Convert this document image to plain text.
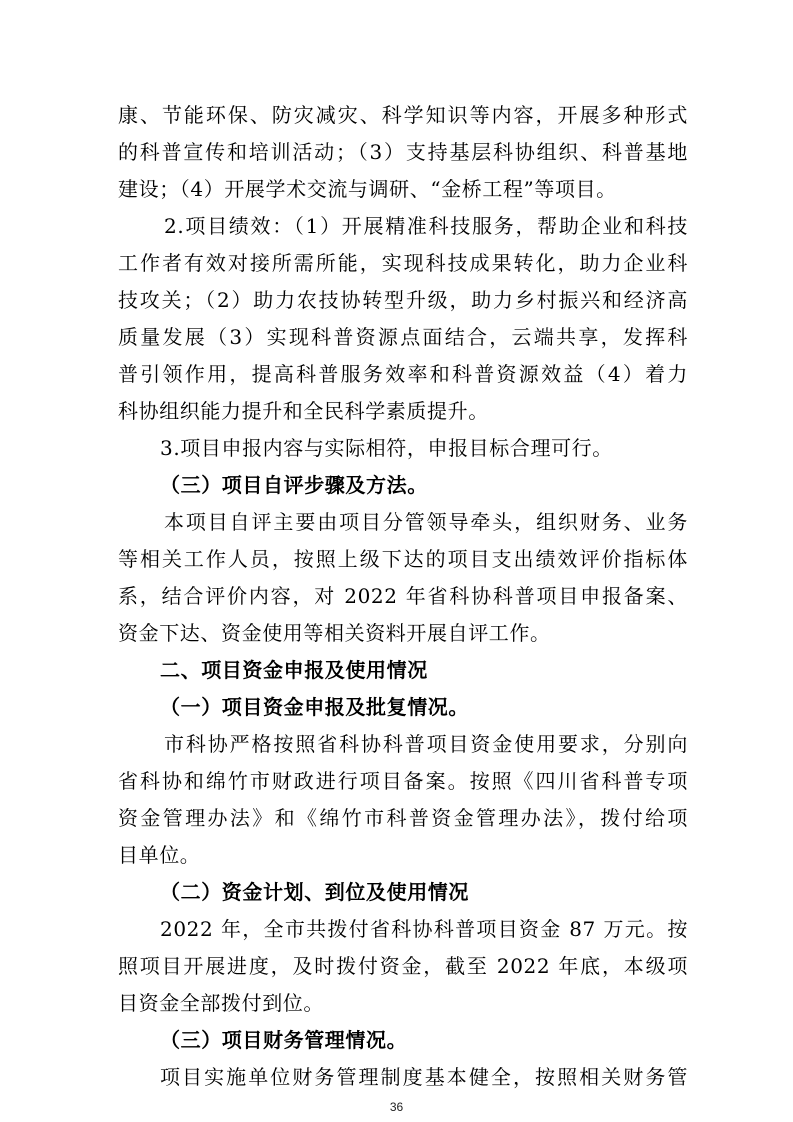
康、节能环保、防灾减灾、科学知识等内容，开展多种形式
的科普宣传和培训活动；（3）支持基层科协组织、科普基地
建设；（4）开展学术交流与调研、“金桥工程”等项目。
2.项目绩效：（1）开展精准科技服务，帮助企业和科技
工作者有效对接所需所能，实现科技成果转化，助力企业科
技攻关；（2）助力农技协转型升级，助力乡村振兴和经济高
质量发展（3）实现科普资源点面结合，云端共享，发挥科
普引领作用，提高科普服务效率和科普资源效益（4）着力
科协组织能力提升和全民科学素质提升。
3.项目申报内容与实际相符，申报目标合理可行。
（三）项目自评步骤及方法。
本项目自评主要由项目分管领导牵头，组织财务、业务
等相关工作人员，按照上级下达的项目支出绩效评价指标体
系，结合评价内容，对 2022 年省科协科普项目申报备案、
资金下达、资金使用等相关资料开展自评工作。
二、项目资金申报及使用情况
（一）项目资金申报及批复情况。
市科协严格按照省科协科普项目资金使用要求，分别向
省科协和绵竹市财政进行项目备案。按照《四川省科普专项
资金管理办法》和《绵竹市科普资金管理办法》，拨付给项
目单位。
（二）资金计划、到位及使用情况
2022 年，全市共拨付省科协科普项目资金 87 万元。按
照项目开展进度，及时拨付资金，截至 2022 年底，本级项
目资金全部拨付到位。
（三）项目财务管理情况。
项目实施单位财务管理制度基本健全，按照相关财务管
36
